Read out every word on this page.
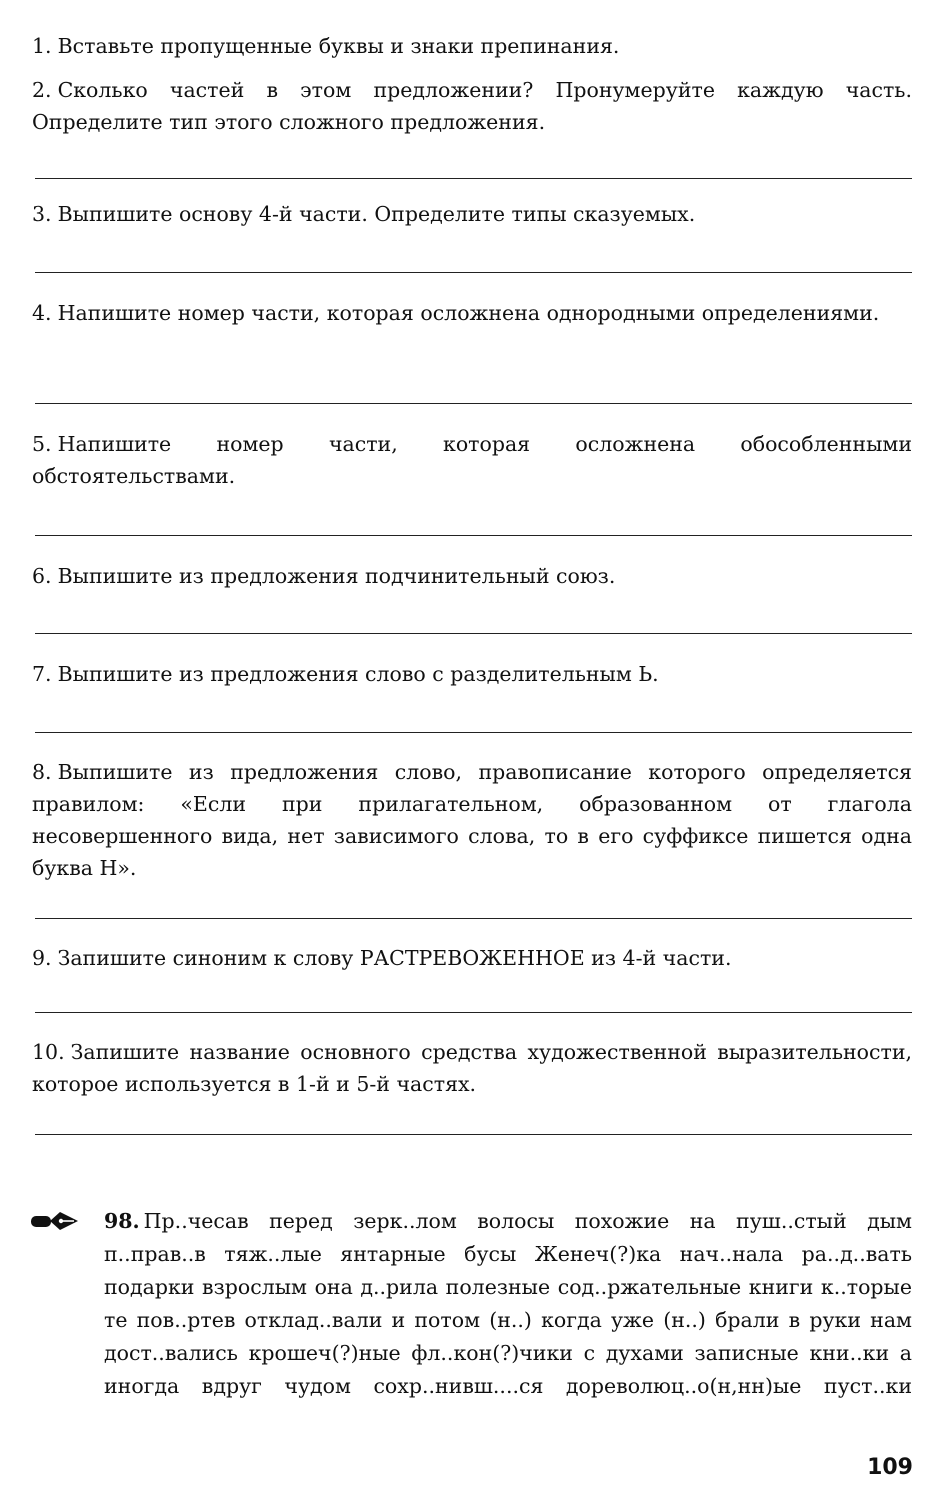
1. Вставьте пропущенные буквы и знаки препинания.
2. Сколько частей в этом предложении? Пронумеруйте каждую часть. Определите тип этого сложного предложения.
3. Выпишите основу 4-й части. Определите типы сказуемых.
4. Напишите номер части, которая осложнена однородными определениями.
5. Напишите номер части, которая осложнена обособленными обстоятельствами.
6. Выпишите из предложения подчинительный союз.
7. Выпишите из предложения слово с разделительным Ь.
8. Выпишите из предложения слово, правописание которого определяется правилом: «Если при прилагательном, образованном от глагола несовершенного вида, нет зависимого слова, то в его суффиксе пишется одна буква Н».
9. Запишите синоним к слову РАСТРЕВОЖЕННОЕ из 4-й части.
10. Запишите название основного средства художественной выразительности, которое используется в 1-й и 5-й частях.
98. Пр..чесав перед зерк..лом волосы похожие на пуш..стый дым п..прав..в тяж..лые янтарные бусы Женеч(?)ка нач..нала ра..д..вать подарки взрослым она д..рила полезные сод..ржательные книги к..торые те пов..ртев отклад..вали и потом (н..) когда уже (н..) брали в руки нам дост..вались крошеч(?)ные фл..кон(?)чики с духами записные кни..ки а иногда вдруг чудом сохр..нивш....ся дореволюц..о(н,нн)ые пуст..ки
109
